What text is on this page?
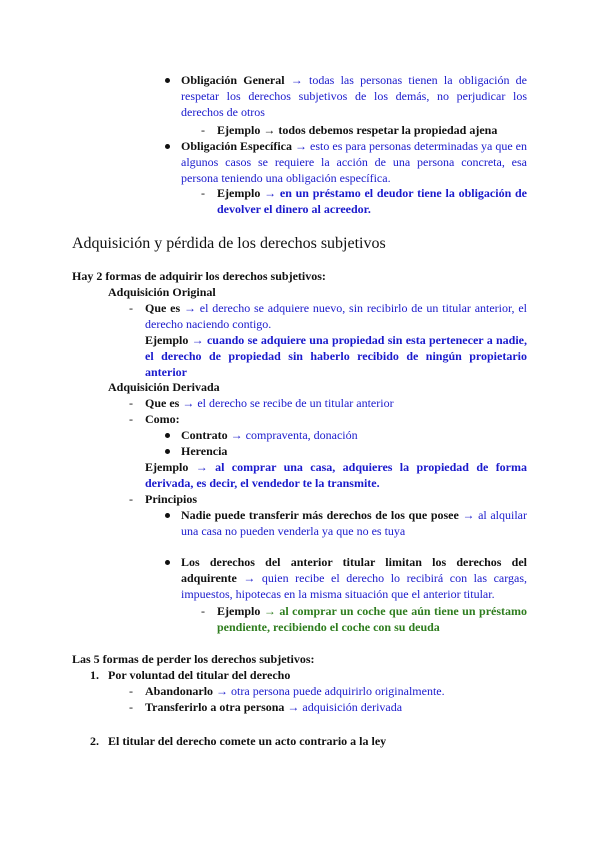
Obligación General → todas las personas tienen la obligación de respetar los derechos subjetivos de los demás, no perjudicar los derechos de otros
- Ejemplo → todos debemos respetar la propiedad ajena
Obligación Específica → esto es para personas determinadas ya que en algunos casos se requiere la acción de una persona concreta, esa persona teniendo una obligación específica.
- Ejemplo → en un préstamo el deudor tiene la obligación de devolver el dinero al acreedor.
Adquisición y pérdida de los derechos subjetivos
Hay 2 formas de adquirir los derechos subjetivos:
Adquisición Original
- Que es → el derecho se adquiere nuevo, sin recibirlo de un titular anterior, el derecho naciendo contigo.
Ejemplo → cuando se adquiere una propiedad sin esta pertenecer a nadie, el derecho de propiedad sin haberlo recibido de ningún propietario anterior
Adquisición Derivada
- Que es → el derecho se recibe de un titular anterior
- Como:
Contrato → compraventa, donación
Herencia
Ejemplo → al comprar una casa, adquieres la propiedad de forma derivada, es decir, el vendedor te la transmite.
- Principios
Nadie puede transferir más derechos de los que posee → al alquilar una casa no pueden venderla ya que no es tuya
Los derechos del anterior titular limitan los derechos del adquirente → quien recibe el derecho lo recibirá con las cargas, impuestos, hipotecas en la misma situación que el anterior titular.
- Ejemplo → al comprar un coche que aún tiene un préstamo pendiente, recibiendo el coche con su deuda
Las 5 formas de perder los derechos subjetivos:
1. Por voluntad del titular del derecho
- Abandonarlo → otra persona puede adquirirlo originalmente.
- Transferirlo a otra persona → adquisición derivada
2. El titular del derecho comete un acto contrario a la ley
